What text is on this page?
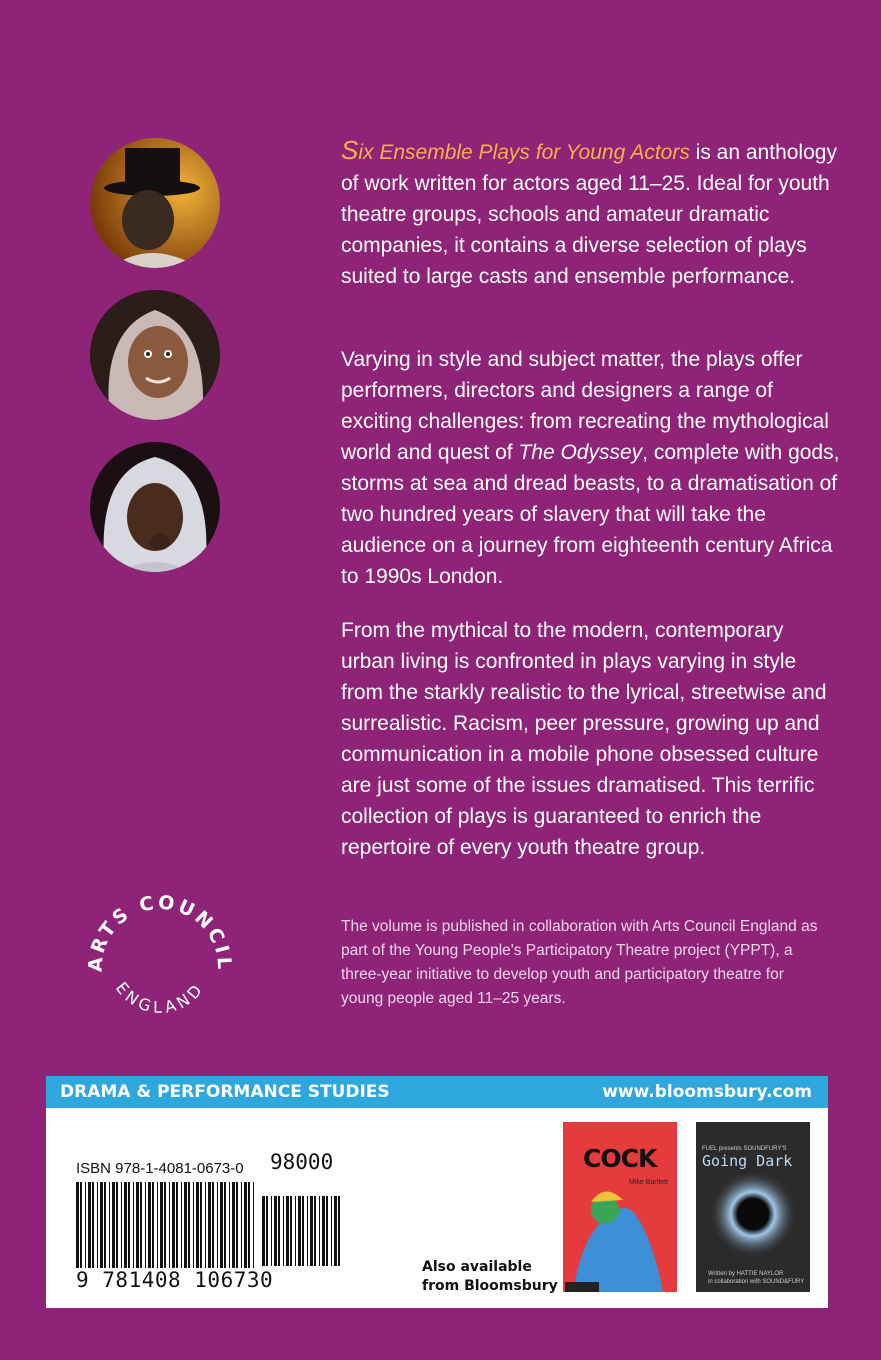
Six Ensemble Plays for Young Actors is an anthology of work written for actors aged 11–25. Ideal for youth theatre groups, schools and amateur dramatic companies, it contains a diverse selection of plays suited to large casts and ensemble performance.

Varying in style and subject matter, the plays offer performers, directors and designers a range of exciting challenges: from recreating the mythological world and quest of The Odyssey, complete with gods, storms at sea and dread beasts, to a dramatisation of two hundred years of slavery that will take the audience on a journey from eighteenth century Africa to 1990s London.

From the mythical to the modern, contemporary urban living is confronted in plays varying in style from the starkly realistic to the lyrical, streetwise and surrealistic. Racism, peer pressure, growing up and communication in a mobile phone obsessed culture are just some of the issues dramatised. This terrific collection of plays is guaranteed to enrich the repertoire of every youth theatre group.

ARTS COUNCIL
ENGLAND

The volume is published in collaboration with Arts Council England as part of the Young People's Participatory Theatre project (YPPT), a three-year initiative to develop youth and participatory theatre for young people aged 11–25 years.

DRAMA & PERFORMANCE STUDIES	www.bloomsbury.com
ISBN 978-1-4081-0673-0 98000
9 781408 106730
Also available
from Bloomsbury
COCK
Mike Bartlett
FUEL presents SOUNDFURY'S
Going Dark
Written by HATTIE NAYLOR
in collaboration with SOUND&FURY
